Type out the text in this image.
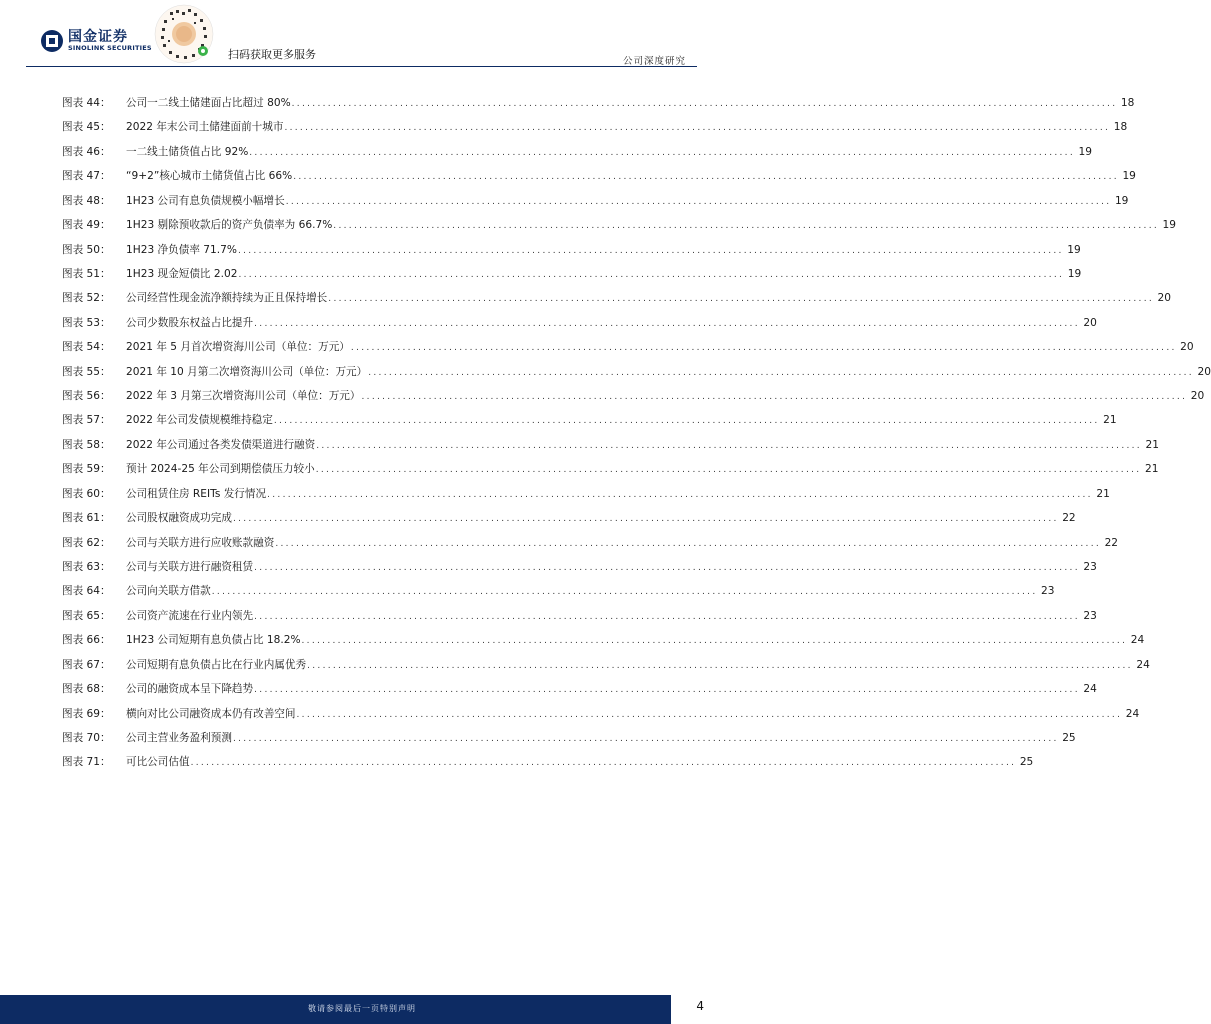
国金证券
SINOLINK SECURITIES	扫码获取更多服务
公司深度研究
图表 44：	公司一二线土储建面占比超过 80% ................................................................................................................................................................ 18
图表 45：	2022 年末公司土储建面前十城市 ................................................................................................................................................................ 18
图表 46：	一二线土储货值占比 92% ................................................................................................................................................................ 19
图表 47：	“9+2”核心城市土储货值占比 66% ................................................................................................................................................................ 19
图表 48：	1H23 公司有息负债规模小幅增长 ................................................................................................................................................................ 19
图表 49：	1H23 剔除预收款后的资产负债率为 66.7% ................................................................................................................................................................ 19
图表 50：	1H23 净负债率 71.7% ................................................................................................................................................................ 19
图表 51：	1H23 现金短债比 2.02 ................................................................................................................................................................ 19
图表 52：	公司经营性现金流净额持续为正且保持增长 ................................................................................................................................................................ 20
图表 53：	公司少数股东权益占比提升 ................................................................................................................................................................ 20
图表 54：	2021 年 5 月首次增资海川公司（单位：万元） ................................................................................................................................................................ 20
图表 55：	2021 年 10 月第二次增资海川公司（单位：万元） ................................................................................................................................................................ 20
图表 56：	2022 年 3 月第三次增资海川公司（单位：万元） ................................................................................................................................................................ 20
图表 57：	2022 年公司发债规模维持稳定 ................................................................................................................................................................ 21
图表 58：	2022 年公司通过各类发债渠道进行融资 ................................................................................................................................................................ 21
图表 59：	预计 2024-25 年公司到期偿债压力较小 ................................................................................................................................................................ 21
图表 60：	公司租赁住房 REITs 发行情况 ................................................................................................................................................................ 21
图表 61：	公司股权融资成功完成 ................................................................................................................................................................ 22
图表 62：	公司与关联方进行应收账款融资 ................................................................................................................................................................ 22
图表 63：	公司与关联方进行融资租赁 ................................................................................................................................................................ 23
图表 64：	公司向关联方借款 ................................................................................................................................................................ 23
图表 65：	公司资产流速在行业内领先 ................................................................................................................................................................ 23
图表 66：	1H23 公司短期有息负债占比 18.2% ................................................................................................................................................................ 24
图表 67：	公司短期有息负债占比在行业内属优秀 ................................................................................................................................................................ 24
图表 68：	公司的融资成本呈下降趋势 ................................................................................................................................................................ 24
图表 69：	横向对比公司融资成本仍有改善空间 ................................................................................................................................................................ 24
图表 70：	公司主营业务盈利预测 ................................................................................................................................................................ 25
图表 71：	可比公司估值 ................................................................................................................................................................ 25
敬请参阅最后一页特别声明	4
